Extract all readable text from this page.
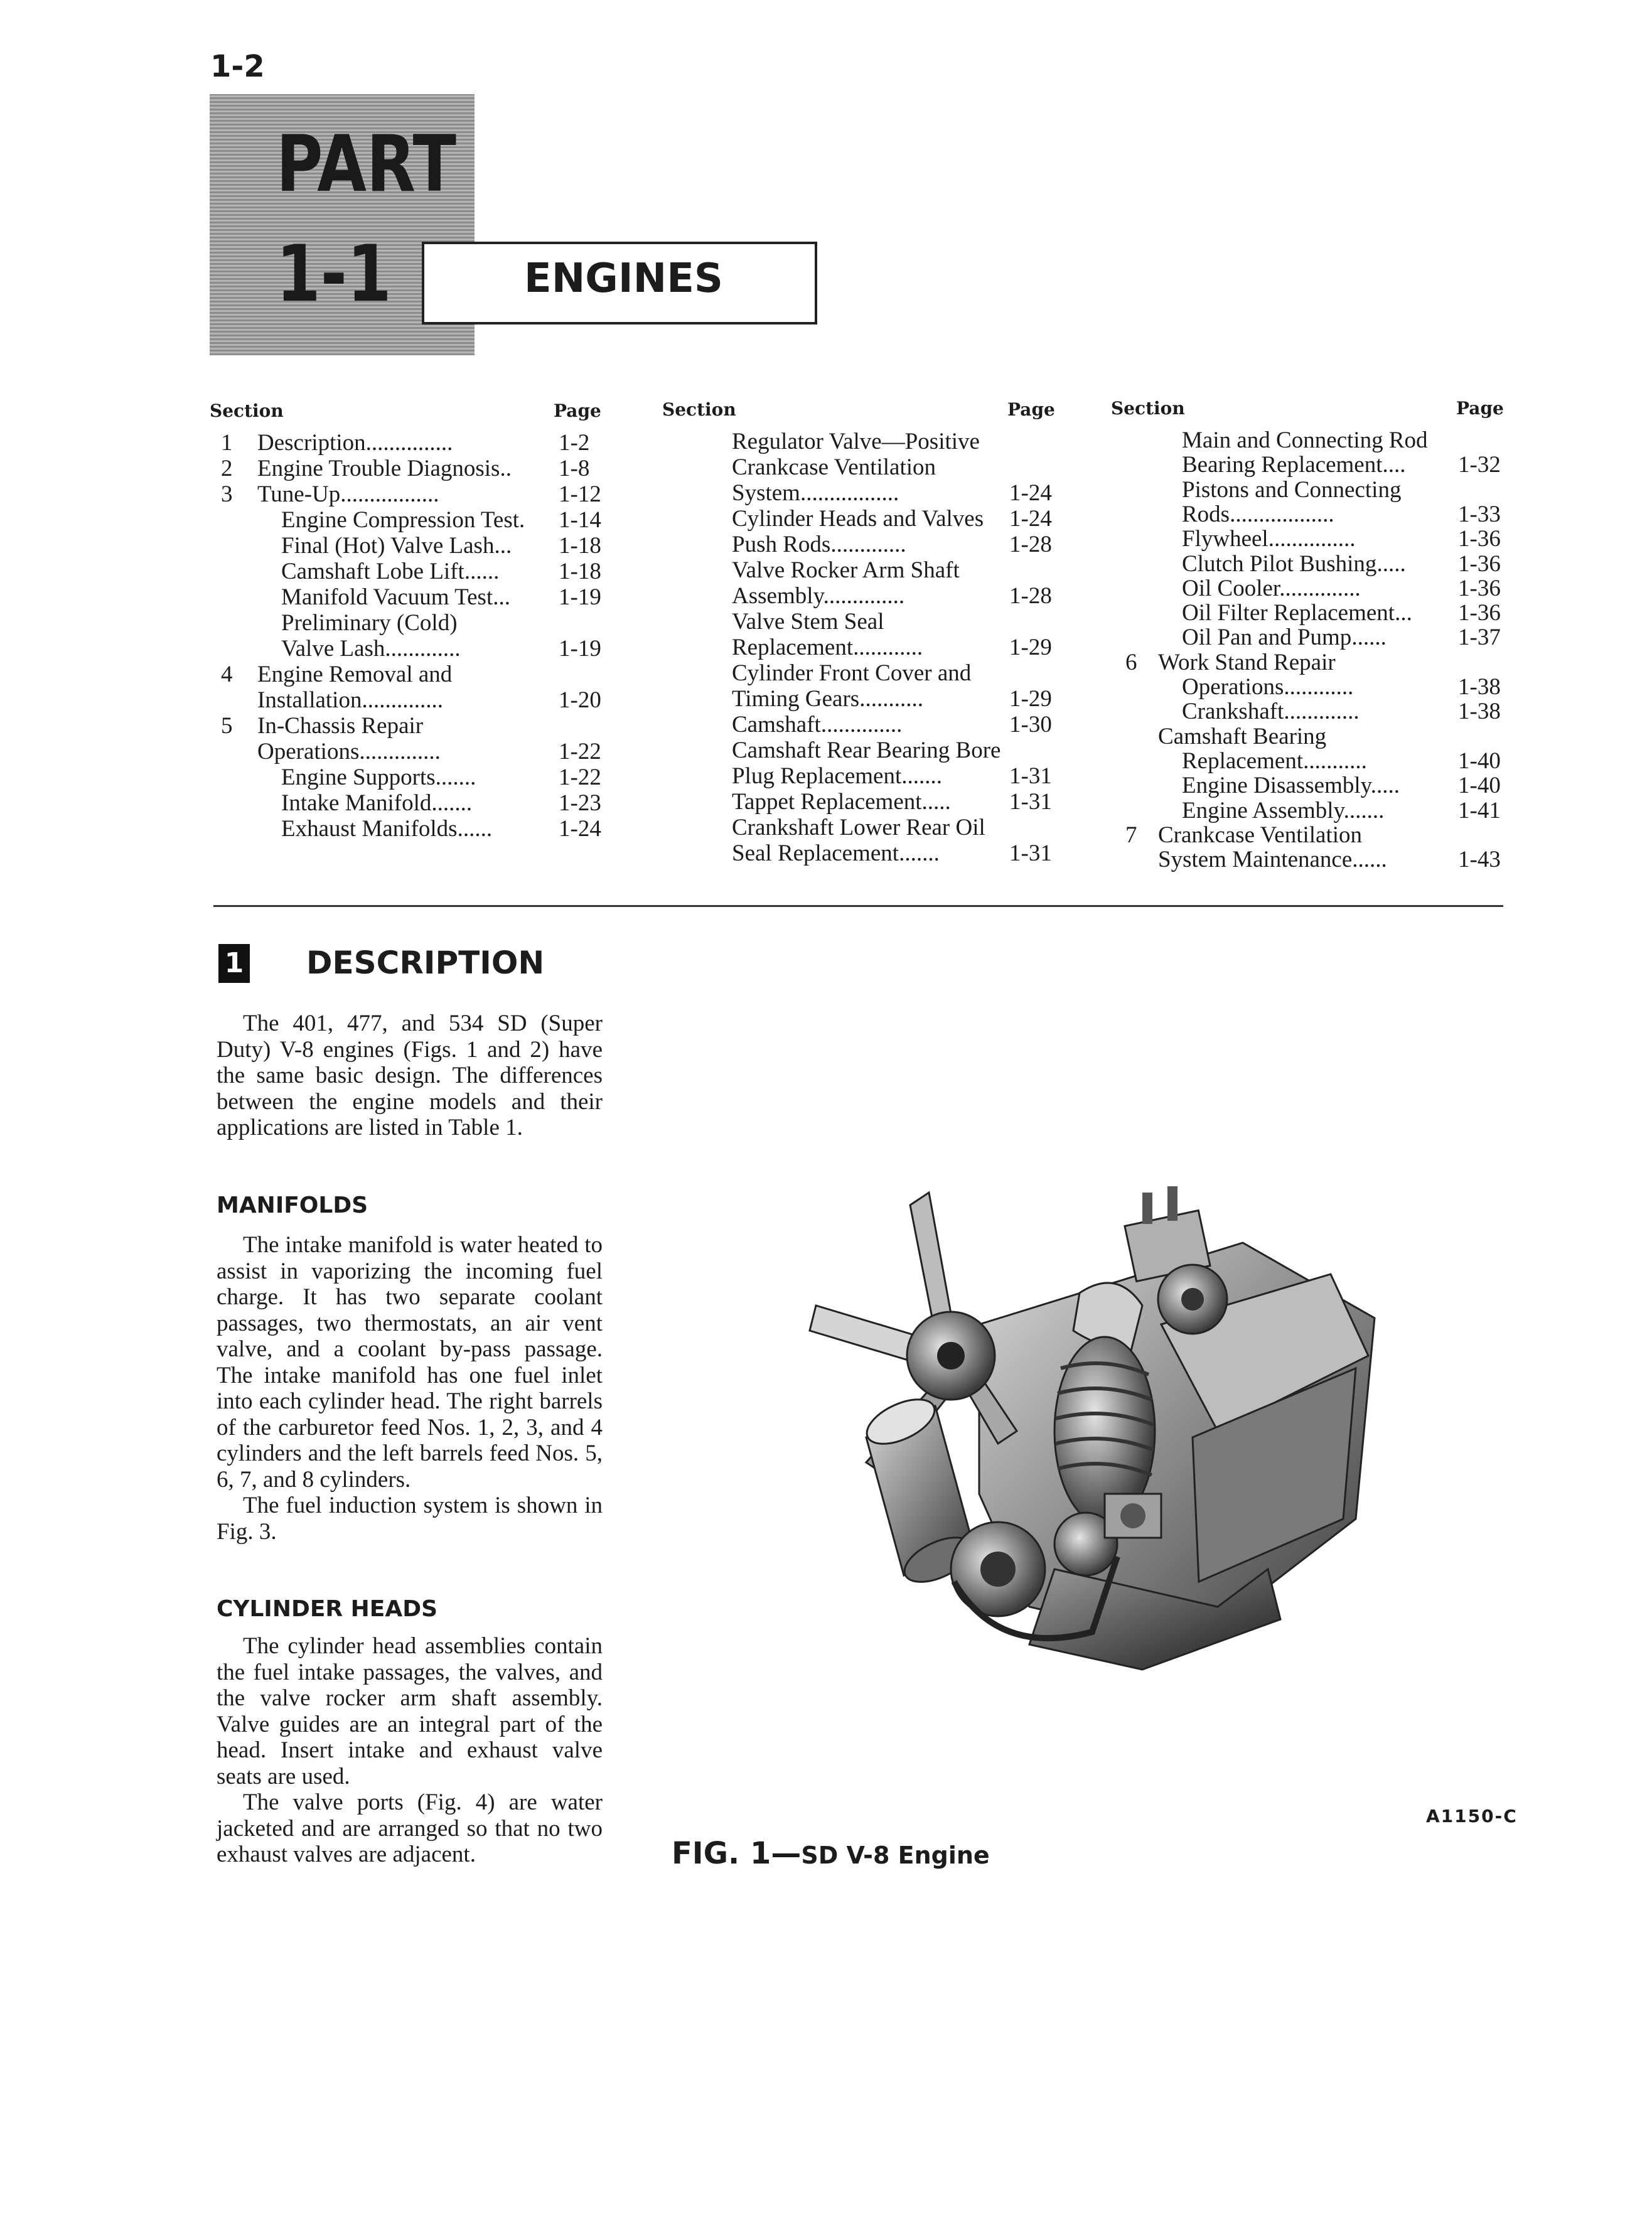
1-2
PART
1-1	ENGINES
Section	Page	Section	Page	Section	Page
1 Description...............	1-2
2 Engine Trouble Diagnosis.. 1-8
3 Tune-Up.................	1-12
Engine Compression Test. 1-14
Final (Hot) Valve Lash... 1-18
Camshaft Lobe Lift......	1-18
Manifold Vacuum Test... 1-19
Preliminary (Cold)
Valve Lash.............	1-19
4 Engine Removal and
Installation..............	1-20
5 In-Chassis Repair
Operations..............	1-22
Engine Supports.......	1-22
Intake Manifold.......	1-23
Exhaust Manifolds......	1-24
Regulator Valve—Positive
Crankcase Ventilation
System.................	1-24
Cylinder Heads and Valves 1-24
Push Rods.............	1-28
Valve Rocker Arm Shaft
Assembly..............	1-28
Valve Stem Seal
Replacement............	1-29
Cylinder Front Cover and
Timing Gears...........	1-29
Camshaft..............	1-30
Camshaft Rear Bearing Bore
Plug Replacement.......	1-31
Tappet Replacement.....	1-31
Crankshaft Lower Rear Oil
Seal Replacement.......	1-31
Main and Connecting Rod
Bearing Replacement.... 1-32
Pistons and Connecting
Rods..................	1-33
Flywheel...............	1-36
Clutch Pilot Bushing..... 1-36
Oil Cooler..............	1-36
Oil Filter Replacement... 1-36
Oil Pan and Pump......	1-37
6 Work Stand Repair
Operations............	1-38
Crankshaft.............	1-38
Camshaft Bearing
Replacement...........	1-40
Engine Disassembly.....	1-40
Engine Assembly.......	1-41
7 Crankcase Ventilation
System Maintenance......	1-43
1 DESCRIPTION

The 401, 477, and 534 SD (Super Duty) V-8 engines (Figs. 1 and 2) have the same basic design. The differences between the engine models and their applications are listed in Table 1.

MANIFOLDS

The intake manifold is water heated to assist in vaporizing the incoming fuel charge. It has two separate coolant passages, two thermostats, an air vent valve, and a coolant by-pass passage. The intake manifold has one fuel inlet into each cylinder head. The right barrels of the carburetor feed Nos. 1, 2, 3, and 4 cylinders and the left barrels feed Nos. 5, 6, 7, and 8 cylinders.

The fuel induction system is shown in Fig. 3.

CYLINDER HEADS

The cylinder head assemblies contain the fuel intake passages, the valves, and the valve rocker arm shaft assembly. Valve guides are an integral part of the head. Insert intake and exhaust valve seats are used.

The valve ports (Fig. 4) are water jacketed and are arranged so that no two exhaust valves are adjacent.

A1150-C
FIG. 1—SD V-8 Engine
